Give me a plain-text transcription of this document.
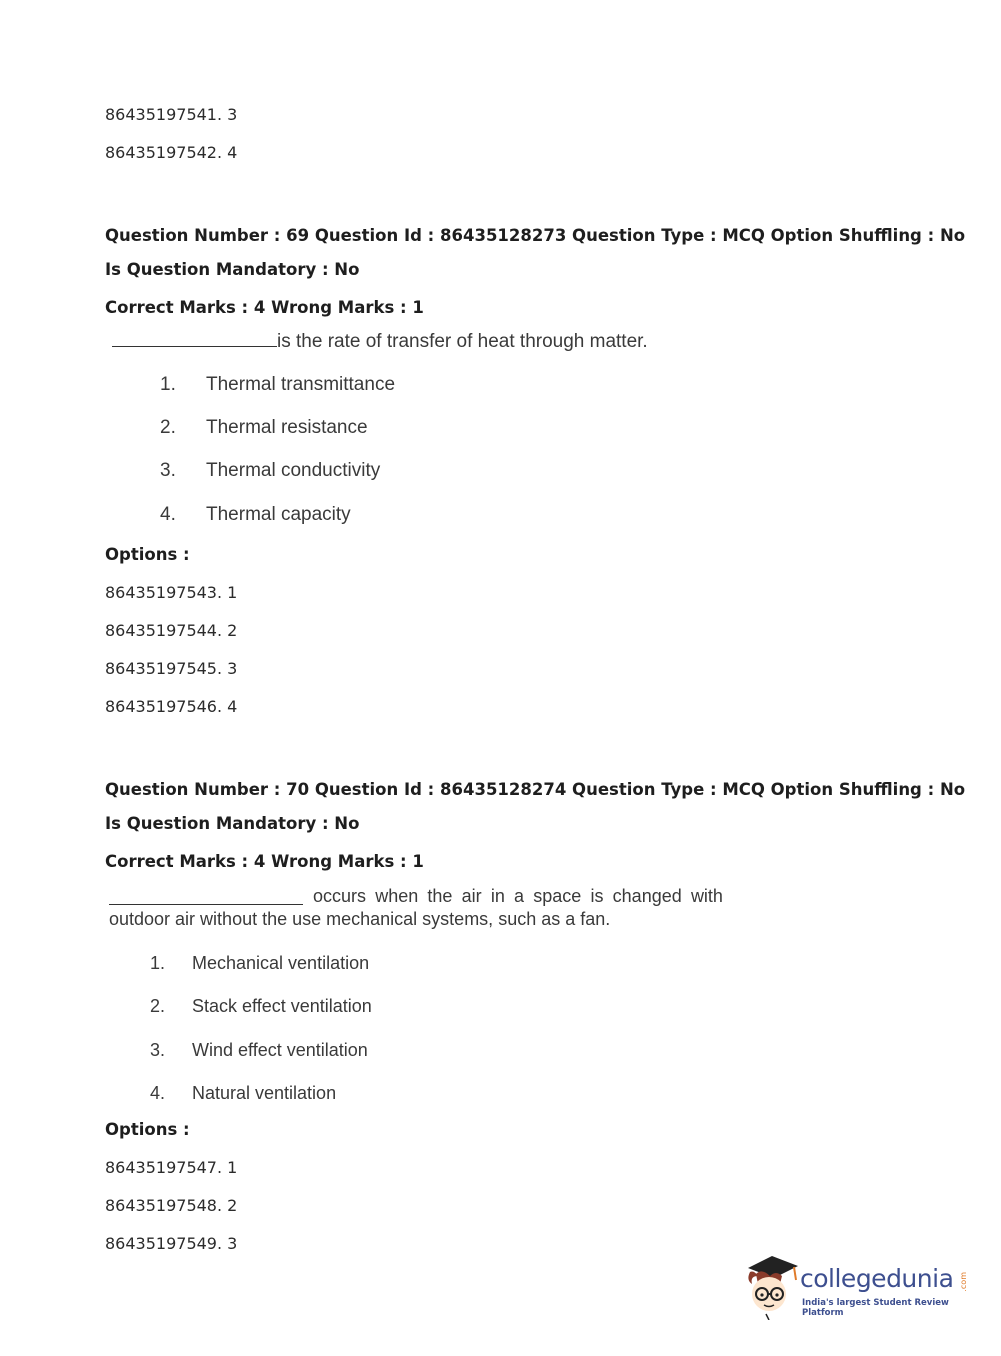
86435197541. 3
86435197542. 4
Question Number : 69 Question Id : 86435128273 Question Type : MCQ Option Shuffling : No
Is Question Mandatory : No
Correct Marks : 4 Wrong Marks : 1
is the rate of transfer of heat through matter.
1. Thermal transmittance
2. Thermal resistance
3. Thermal conductivity
4. Thermal capacity
Options :
86435197543. 1
86435197544. 2
86435197545. 3
86435197546. 4
Question Number : 70 Question Id : 86435128274 Question Type : MCQ Option Shuffling : No
Is Question Mandatory : No
Correct Marks : 4 Wrong Marks : 1
occurs when the air in a space is changed with
outdoor air without the use mechanical systems, such as a fan.
1. Mechanical ventilation
2. Stack effect ventilation
3. Wind effect ventilation
4. Natural ventilation
Options :
86435197547. 1
86435197548. 2
86435197549. 3
collegedunia .com
India's largest Student Review Platform
